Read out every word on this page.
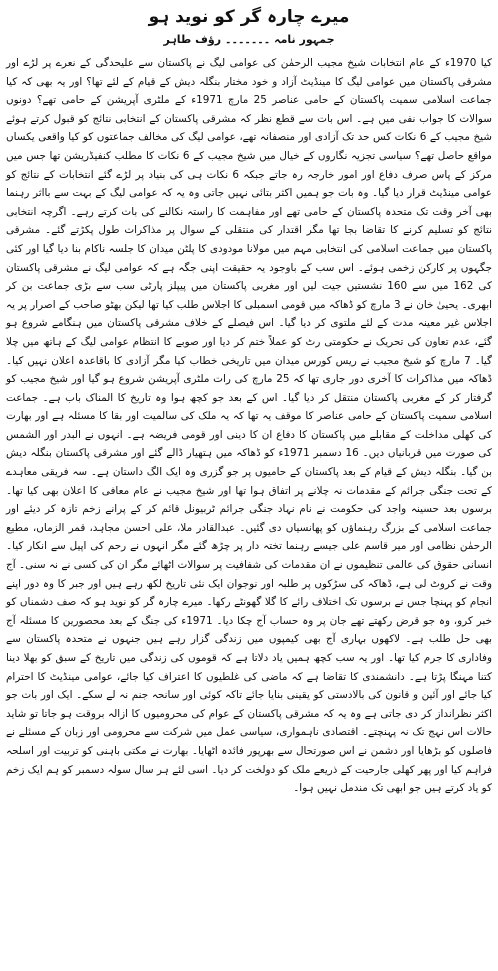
میرے چارہ گر کو نوید ہو
جمہور نامہ۔۔۔۔۔۔۔رؤف طاہر

کیا 1970ء کے عام انتخابات شیخ مجیب الرحمٰن کی عوامی لیگ نے پاکستان سے علیحدگی کے نعرے پر لڑے اور مشرقی پاکستان میں عوامی لیگ کا مینڈیٹ آزاد و خود مختار بنگلہ دیش کے قیام کے لئے تھا؟ اور یہ بھی کہ کیا جماعت اسلامی سمیت پاکستان کے حامی عناصر 25 مارچ 1971ء کے ملٹری آپریشن کے حامی تھے؟ دونوں سوالات کا جواب نفی میں ہے۔ اس بات سے قطع نظر کہ مشرقی پاکستان کے انتخابی نتائج کو قبول کرتے ہوئے شیخ مجیب کے 6 نکات کس حد تک آزادی اور منصفانہ تھے، عوامی لیگ کی مخالف جماعتوں کو کیا واقعی یکساں مواقع حاصل تھے؟ سیاسی تجزیہ نگاروں کے خیال میں شیخ مجیب کے 6 نکات کا مطلب کنفیڈریشن تھا جس میں مرکز کے پاس صرف دفاع اور امور خارجہ رہ جاتے جبکہ 6 نکات ہی کی بنیاد پر لڑے گئے انتخابات کے نتائج کو عوامی مینڈیٹ قرار دیا گیا۔ وہ بات جو ہمیں اکثر بتائی نہیں جاتی وہ یہ کہ عوامی لیگ کے بہت سے بااثر رہنما بھی آخر وقت تک متحدہ پاکستان کے حامی تھے اور مفاہمت کا راستہ نکالنے کی بات کرتے رہے۔ اگرچہ انتخابی نتائج کو تسلیم کرنے کا تقاضا بجا تھا مگر اقتدار کی منتقلی کے سوال پر مذاکرات طول پکڑتے گئے۔ مشرقی پاکستان میں جماعت اسلامی کی انتخابی مہم میں مولانا مودودی کا پلٹن میدان کا جلسہ ناکام بنا دیا گیا اور کئی جگہوں پر کارکن زخمی ہوئے۔ اس سب کے باوجود یہ حقیقت اپنی جگہ ہے کہ عوامی لیگ نے مشرقی پاکستان کی 162 میں سے 160 نشستیں جیت لیں اور مغربی پاکستان میں پیپلز پارٹی سب سے بڑی جماعت بن کر ابھری۔ یحییٰ خان نے 3 مارچ کو ڈھاکہ میں قومی اسمبلی کا اجلاس طلب کیا تھا لیکن بھٹو صاحب کے اصرار پر یہ اجلاس غیر معینہ مدت کے لئے ملتوی کر دیا گیا۔ اس فیصلے کے خلاف مشرقی پاکستان میں ہنگامے شروع ہو گئے، عدم تعاون کی تحریک نے حکومتی رٹ کو عملاً ختم کر دیا اور صوبے کا انتظام عوامی لیگ کے ہاتھ میں چلا گیا۔ 7 مارچ کو شیخ مجیب نے ریس کورس میدان میں تاریخی خطاب کیا مگر آزادی کا باقاعدہ اعلان نہیں کیا۔ ڈھاکہ میں مذاکرات کا آخری دور جاری تھا کہ 25 مارچ کی رات ملٹری آپریشن شروع ہو گیا اور شیخ مجیب کو گرفتار کر کے مغربی پاکستان منتقل کر دیا گیا۔ اس کے بعد جو کچھ ہوا وہ تاریخ کا المناک باب ہے۔ جماعت اسلامی سمیت پاکستان کے حامی عناصر کا موقف یہ تھا کہ یہ ملک کی سالمیت اور بقا کا مسئلہ ہے اور بھارت کی کھلی مداخلت کے مقابلے میں پاکستان کا دفاع ان کا دینی اور قومی فریضہ ہے۔ انہوں نے البدر اور الشمس کی صورت میں قربانیاں دیں۔ 16 دسمبر 1971ء کو ڈھاکہ میں ہتھیار ڈالے گئے اور مشرقی پاکستان بنگلہ دیش بن گیا۔ بنگلہ دیش کے قیام کے بعد پاکستان کے حامیوں پر جو گزری وہ ایک الگ داستان ہے۔ سہ فریقی معاہدے کے تحت جنگی جرائم کے مقدمات نہ چلانے پر اتفاق ہوا تھا اور شیخ مجیب نے عام معافی کا اعلان بھی کیا تھا۔ برسوں بعد حسینہ واجد کی حکومت نے نام نہاد جنگی جرائم ٹربیونل قائم کر کے پرانے زخم تازہ کر دیئے اور جماعت اسلامی کے بزرگ رہنماؤں کو پھانسیاں دی گئیں۔ عبدالقادر ملا، علی احسن مجاہد، قمر الزماں، مطیع الرحمٰن نظامی اور میر قاسم علی جیسے رہنما تختہ دار پر چڑھ گئے مگر انہوں نے رحم کی اپیل سے انکار کیا۔ انسانی حقوق کی عالمی تنظیموں نے ان مقدمات کی شفافیت پر سوالات اٹھائے مگر ان کی کسی نے نہ سنی۔ آج وقت نے کروٹ لی ہے، ڈھاکہ کی سڑکوں پر طلبہ اور نوجوان ایک نئی تاریخ لکھ رہے ہیں اور جبر کا وہ دور اپنے انجام کو پہنچا جس نے برسوں تک اختلاف رائے کا گلا گھونٹے رکھا۔ میرے چارہ گر کو نوید ہو کہ صف دشمناں کو خبر کرو، وہ جو قرض رکھتے تھے جان پر وہ حساب آج چکا دیا۔ 1971ء کی جنگ کے بعد محصورین کا مسئلہ آج بھی حل طلب ہے۔ لاکھوں بہاری آج بھی کیمپوں میں زندگی گزار رہے ہیں جنہوں نے متحدہ پاکستان سے وفاداری کا جرم کیا تھا۔ اور یہ سب کچھ ہمیں یاد دلاتا ہے کہ قوموں کی زندگی میں تاریخ کے سبق کو بھلا دینا کتنا مہنگا پڑتا ہے۔ دانشمندی کا تقاضا ہے کہ ماضی کی غلطیوں کا اعتراف کیا جائے، عوامی مینڈیٹ کا احترام کیا جائے اور آئین و قانون کی بالادستی کو یقینی بنایا جائے تاکہ کوئی اور سانحہ جنم نہ لے سکے۔ ایک اور بات جو اکثر نظرانداز کر دی جاتی ہے وہ یہ کہ مشرقی پاکستان کے عوام کی محرومیوں کا ازالہ بروقت ہو جاتا تو شاید حالات اس نہج تک نہ پہنچتے۔ اقتصادی ناہمواری، سیاسی عمل میں شرکت سے محرومی اور زبان کے مسئلے نے فاصلوں کو بڑھایا اور دشمن نے اس صورتحال سے بھرپور فائدہ اٹھایا۔ بھارت نے مکتی باہنی کو تربیت اور اسلحہ فراہم کیا اور پھر کھلی جارحیت کے ذریعے ملک کو دولخت کر دیا۔ اسی لئے ہر سال سولہ دسمبر کو ہم ایک زخم کو یاد کرتے ہیں جو ابھی تک مندمل نہیں ہوا۔
